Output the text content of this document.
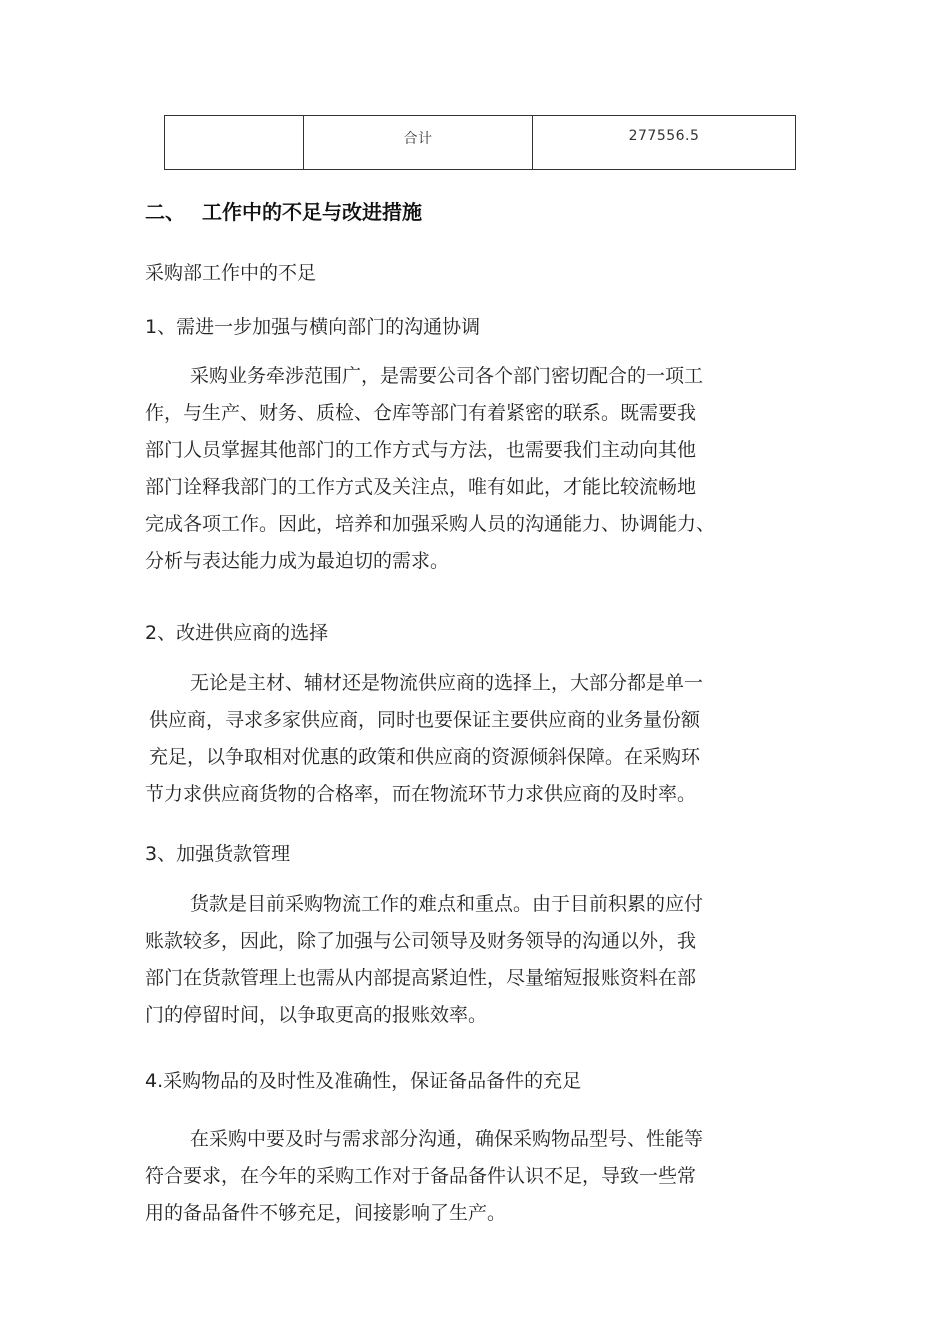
	合计	277556.5
二、 工作中的不足与改进措施
采购部工作中的不足
1、需进一步加强与横向部门的沟通协调
采购业务牵涉范围广，是需要公司各个部门密切配合的一项工
作，与生产、财务、质检、仓库等部门有着紧密的联系。既需要我
部门人员掌握其他部门的工作方式与方法，也需要我们主动向其他
部门诠释我部门的工作方式及关注点，唯有如此，才能比较流畅地
完成各项工作。因此，培养和加强采购人员的沟通能力、协调能力、
分析与表达能力成为最迫切的需求。
2、改进供应商的选择
无论是主材、辅材还是物流供应商的选择上，大部分都是单一
供应商，寻求多家供应商，同时也要保证主要供应商的业务量份额
充足，以争取相对优惠的政策和供应商的资源倾斜保障。在采购环
节力求供应商货物的合格率，而在物流环节力求供应商的及时率。
3、加强货款管理
货款是目前采购物流工作的难点和重点。由于目前积累的应付
账款较多，因此，除了加强与公司领导及财务领导的沟通以外，我
部门在货款管理上也需从内部提高紧迫性，尽量缩短报账资料在部
门的停留时间，以争取更高的报账效率。
4.采购物品的及时性及准确性，保证备品备件的充足
在采购中要及时与需求部分沟通，确保采购物品型号、性能等
符合要求，在今年的采购工作对于备品备件认识不足，导致一些常
用的备品备件不够充足，间接影响了生产。
